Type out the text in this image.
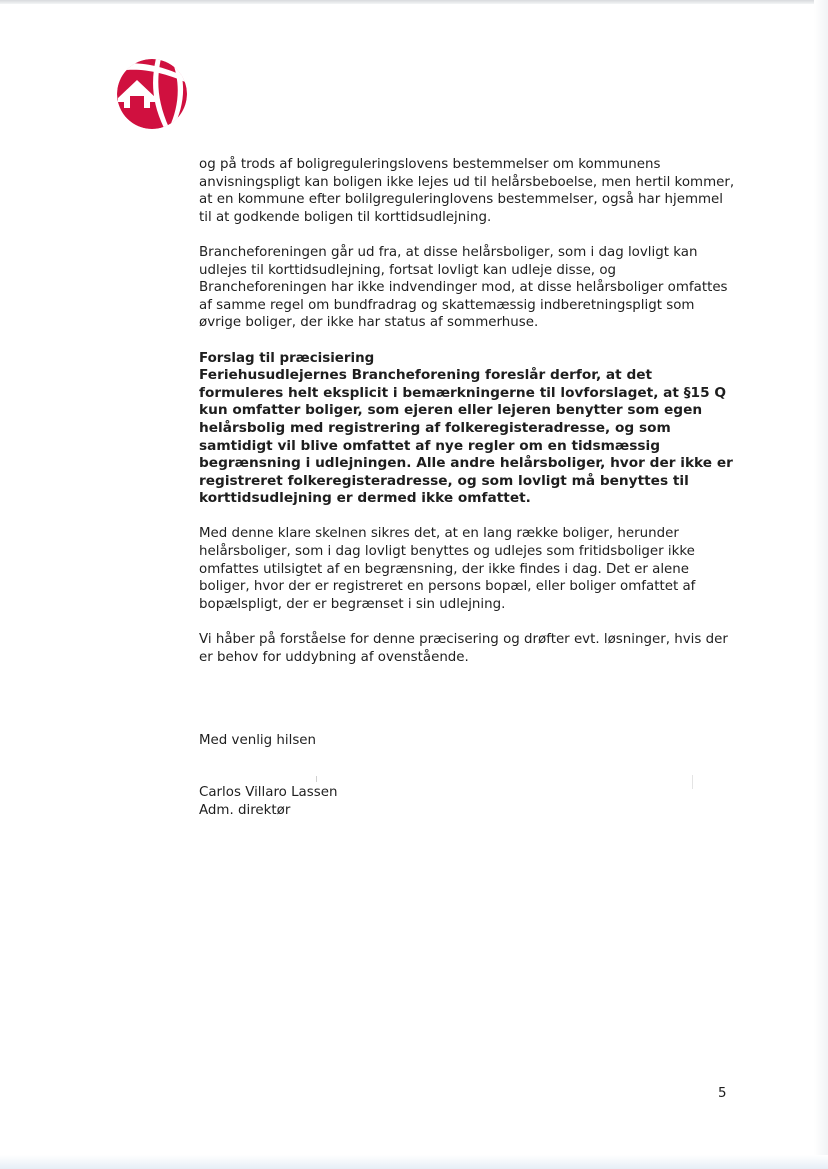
og på trods af boligreguleringslovens bestemmelser om kommunens anvisningspligt kan boligen ikke lejes ud til helårsbeboelse, men hertil kommer, at en kommune efter bolilgreguleringlovens bestemmelser, også har hjemmel til at godkende boligen til korttidsudlejning.

Brancheforeningen går ud fra, at disse helårsboliger, som i dag lovligt kan udlejes til korttidsudlejning, fortsat lovligt kan udleje disse, og Brancheforeningen har ikke indvendinger mod, at disse helårsboliger omfattes af samme regel om bundfradrag og skattemæssig indberetningspligt som øvrige boliger, der ikke har status af sommerhuse.

Forslag til præcisiering
Feriehusudlejernes Brancheforening foreslår derfor, at det formuleres helt eksplicit i bemærkningerne til lovforslaget, at §15 Q kun omfatter boliger, som ejeren eller lejeren benytter som egen helårsbolig med registrering af folkeregisteradresse, og som samtidigt vil blive omfattet af nye regler om en tidsmæssig begrænsning i udlejningen. Alle andre helårsboliger, hvor der ikke er registreret folkeregisteradresse, og som lovligt må benyttes til korttidsudlejning er dermed ikke omfattet.

Med denne klare skelnen sikres det, at en lang række boliger, herunder helårsboliger, som i dag lovligt benyttes og udlejes som fritidsboliger ikke omfattes utilsigtet af en begrænsning, der ikke findes i dag. Det er alene boliger, hvor der er registreret en persons bopæl, eller boliger omfattet af bopælspligt, der er begrænset i sin udlejning.

Vi håber på forståelse for denne præcisering og drøfter evt. løsninger, hvis der er behov for uddybning af ovenstående.

Med venlig hilsen
Carlos Villaro Lassen
Adm. direktør
5
